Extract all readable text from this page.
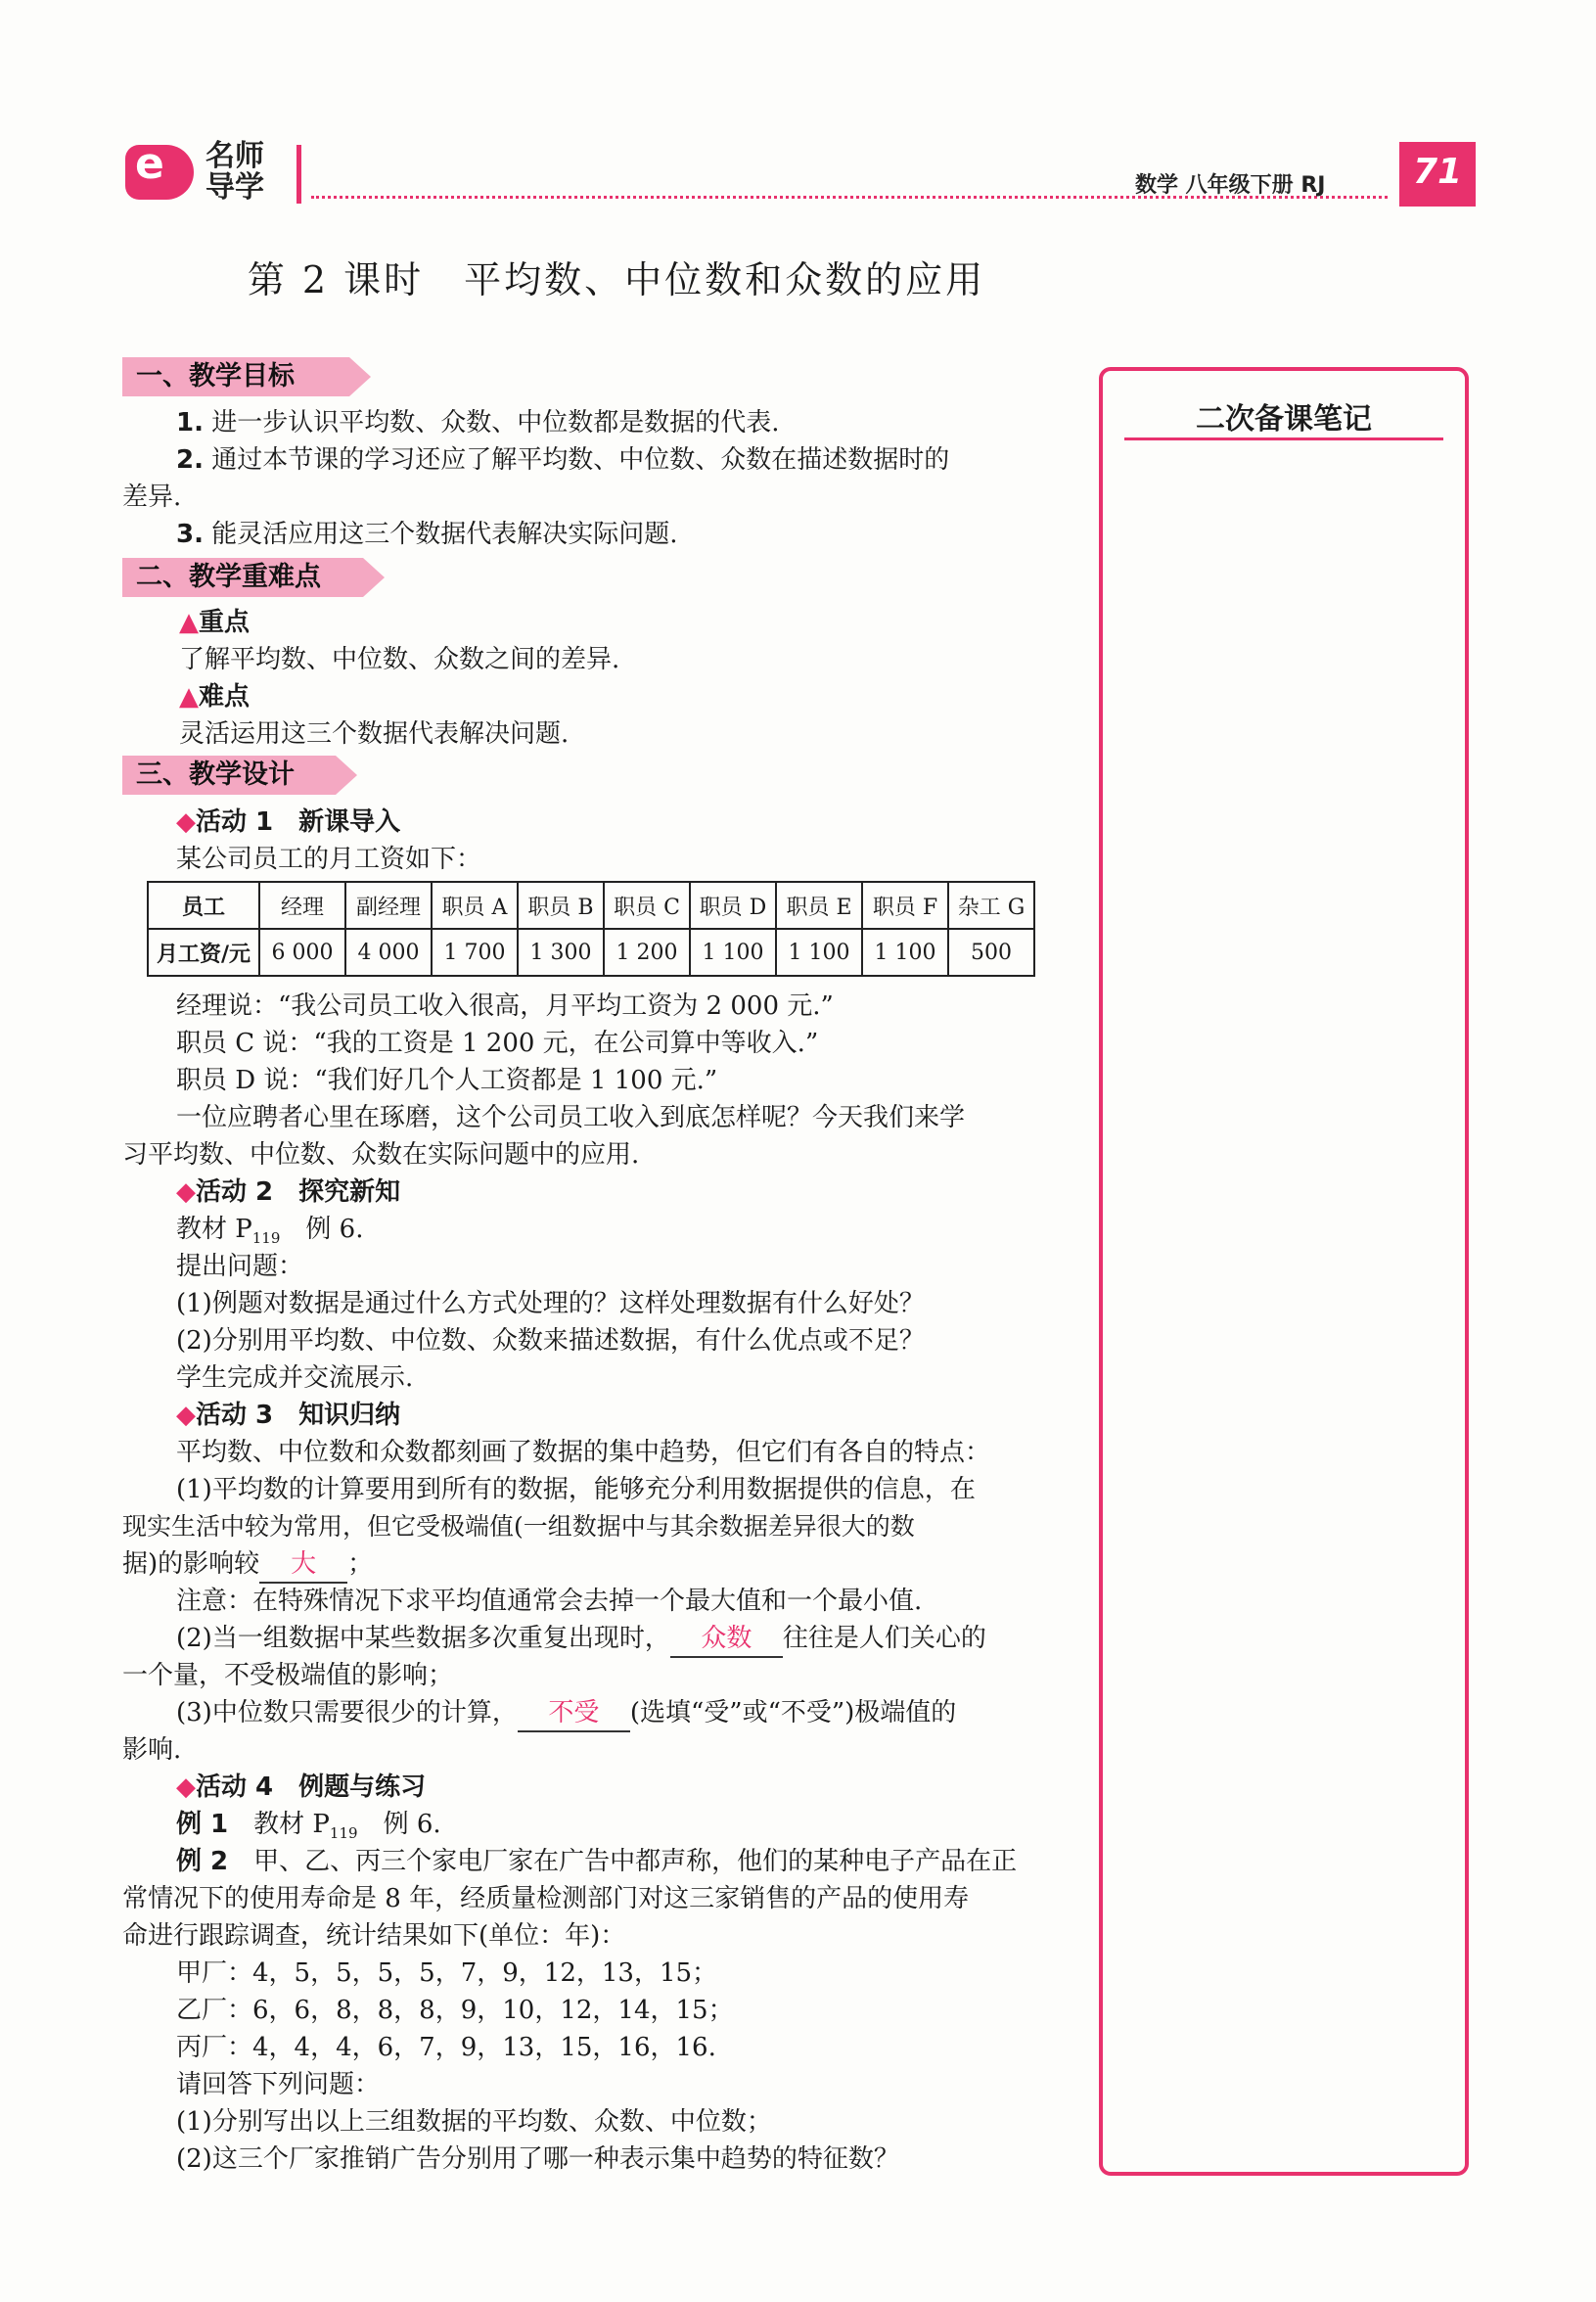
e 名师
导学	数学 八年级下册 RJ	71
第 2 课时　平均数、中位数和众数的应用
一、教学目标
1. 进一步认识平均数、众数、中位数都是数据的代表.
2. 通过本节课的学习还应了解平均数、中位数、众数在描述数据时的
差异.
3. 能灵活应用这三个数据代表解决实际问题.
二、教学重难点
▲重点
了解平均数、中位数、众数之间的差异.
▲难点
灵活运用这三个数据代表解决问题.
三、教学设计
◆活动 1　新课导入
某公司员工的月工资如下：
员工	经理	副经理	职员 A	职员 B	职员 C	职员 D	职员 E	职员 F	杂工 G
月工资/元	6 000	4 000	1 700	1 300	1 200	1 100	1 100	1 100	500
经理说：“我公司员工收入很高，月平均工资为 2 000 元.”
职员 C 说：“我的工资是 1 200 元，在公司算中等收入.”
职员 D 说：“我们好几个人工资都是 1 100 元.”
一位应聘者心里在琢磨，这个公司员工收入到底怎样呢？今天我们来学
习平均数、中位数、众数在实际问题中的应用.
◆活动 2　探究新知
教材 $P_{119}$　例 6.
提出问题：
(1)例题对数据是通过什么方式处理的？这样处理数据有什么好处？
(2)分别用平均数、中位数、众数来描述数据，有什么优点或不足？
学生完成并交流展示.
◆活动 3　知识归纳
平均数、中位数和众数都刻画了数据的集中趋势，但它们有各自的特点：
(1)平均数的计算要用到所有的数据，能够充分利用数据提供的信息，在
现实生活中较为常用，但它受极端值(一组数据中与其余数据差异很大的数
据)的影响较 大 ；
注意：在特殊情况下求平均值通常会去掉一个最大值和一个最小值.
(2)当一组数据中某些数据多次重复出现时， 众数 往往是人们关心的
一个量，不受极端值的影响；
(3)中位数只需要很少的计算， 不受 (选填“受”或“不受”)极端值的
影响.
◆活动 4　例题与练习
例 1　教材 $P_{119}$　例 6.
例 2　甲、乙、丙三个家电厂家在广告中都声称，他们的某种电子产品在正
常情况下的使用寿命是 8 年，经质量检测部门对这三家销售的产品的使用寿
命进行跟踪调查，统计结果如下(单位：年)：
甲厂：4，5，5，5，5，7，9，12，13，15；
乙厂：6，6，8，8，8，9，10，12，14，15；
丙厂：4，4，4，6，7，9，13，15，16，16.
请回答下列问题：
(1)分别写出以上三组数据的平均数、众数、中位数；
(2)这三个厂家推销广告分别用了哪一种表示集中趋势的特征数？
二次备课笔记
